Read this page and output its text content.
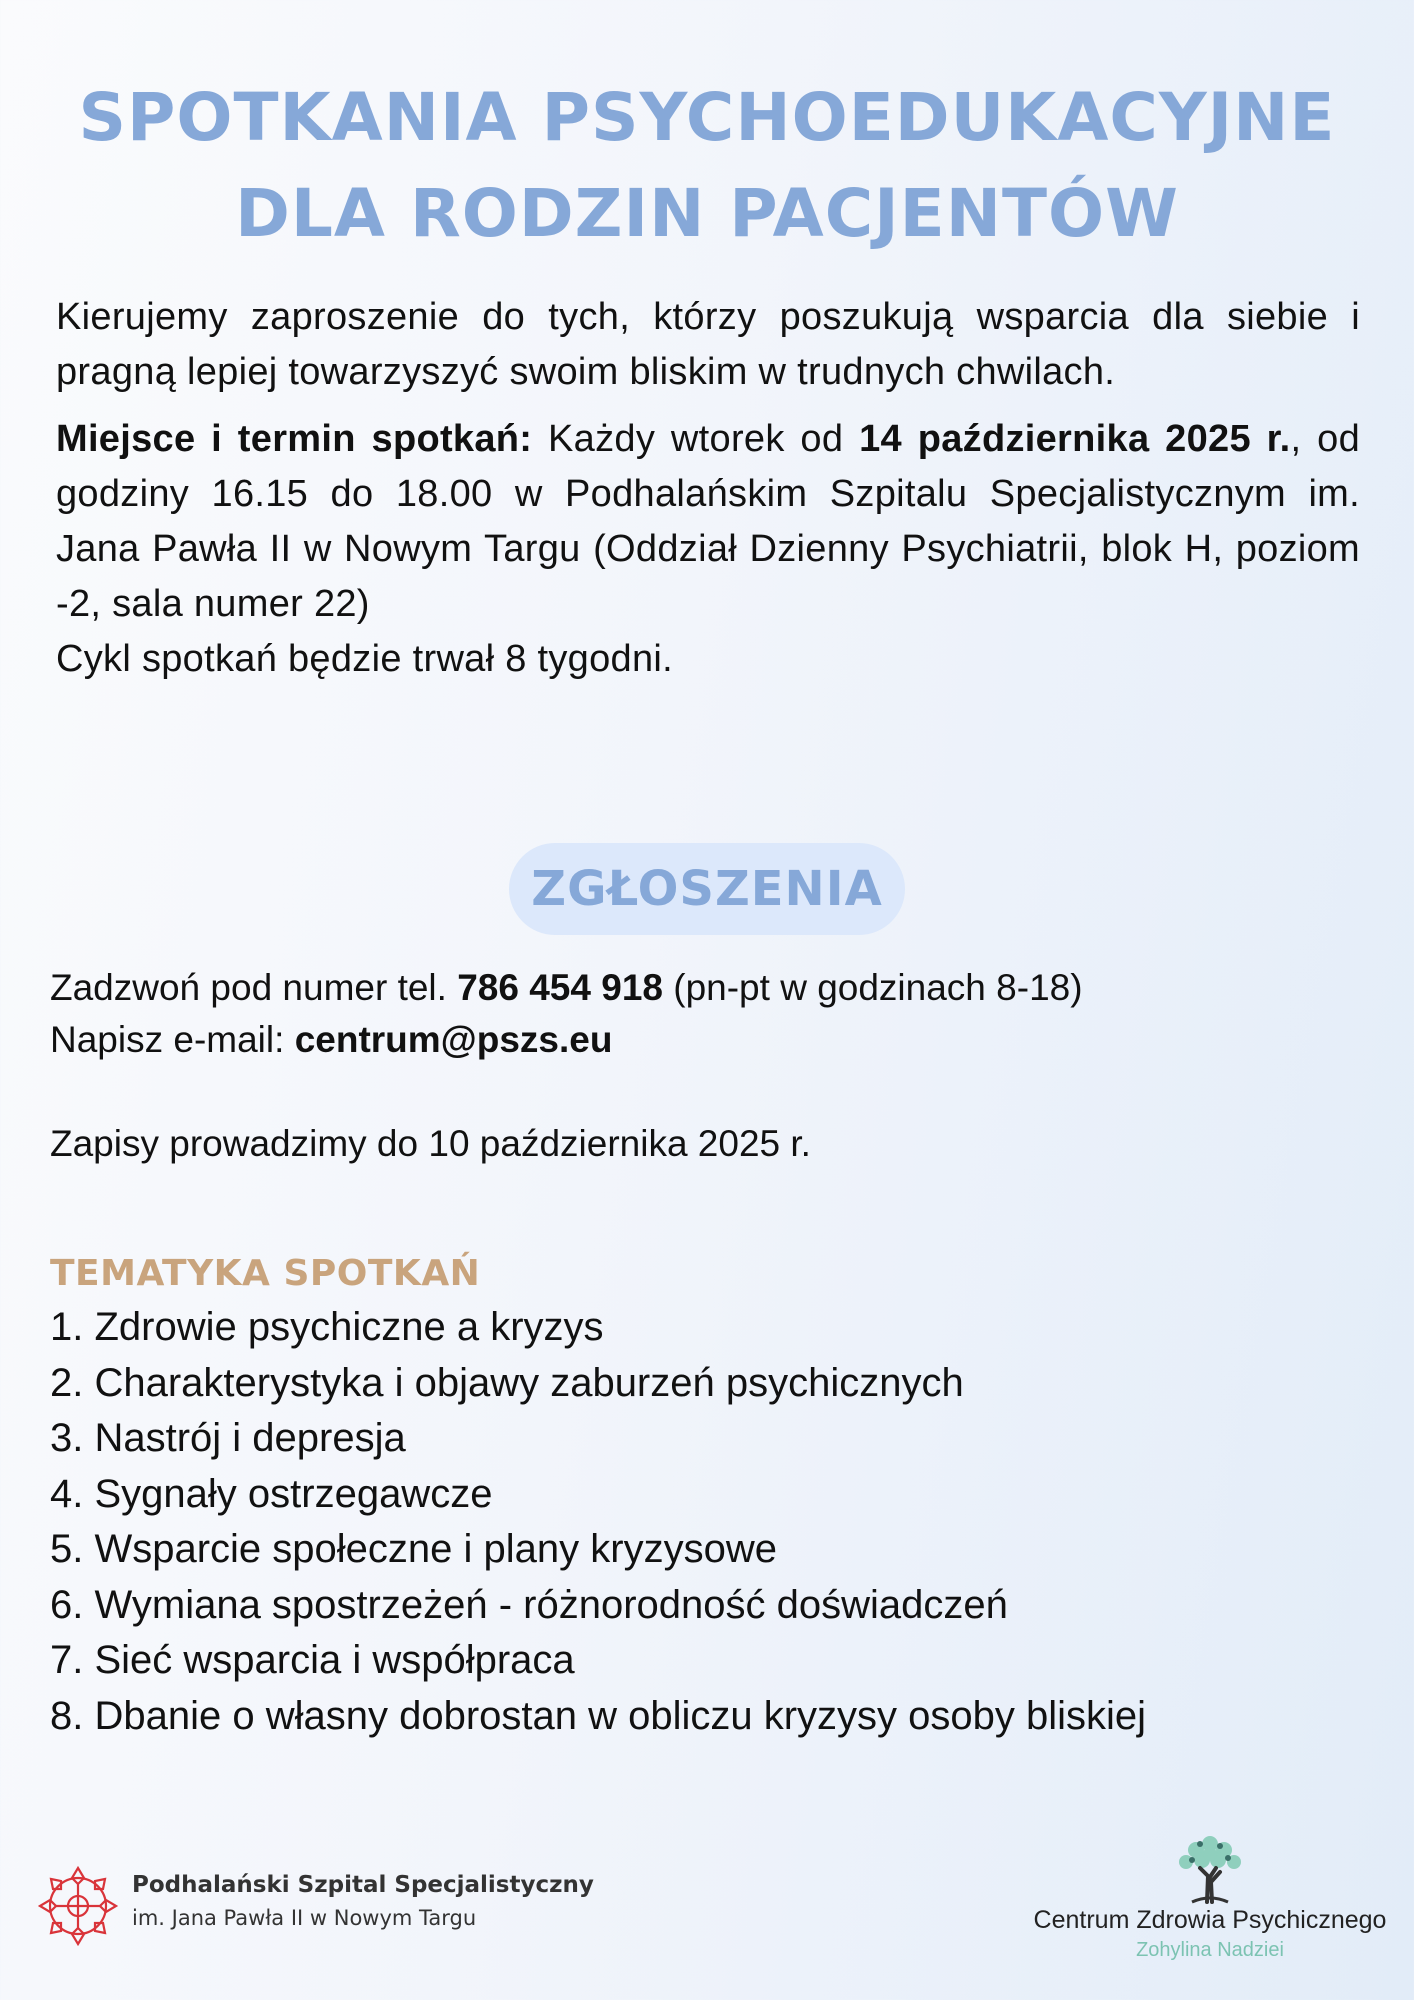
SPOTKANIA PSYCHOEDUKACYJNE
DLA RODZIN PACJENTÓW

Kierujemy zaproszenie do tych, którzy poszukują wsparcia dla siebie i pragną lepiej towarzyszyć swoim bliskim w trudnych chwilach.

Miejsce i termin spotkań: Każdy wtorek od 14 października 2025 r., od godziny 16.15 do 18.00 w Podhalańskim Szpitalu Specjalistycznym im. Jana Pawła II w Nowym Targu (Oddział Dzienny Psychiatrii, blok H, poziom -2, sala numer 22)
Cykl spotkań będzie trwał 8 tygodni.

ZGŁOSZENIA
Zadzwoń pod numer tel. 786 454 918 (pn-pt w godzinach 8-18)
Napisz e-mail: centrum@pszs.eu
Zapisy prowadzimy do 10 października 2025 r.
TEMATYKA SPOTKAŃ
1. Zdrowie psychiczne a kryzys
2. Charakterystyka i objawy zaburzeń psychicznych
3. Nastrój i depresja
4. Sygnały ostrzegawcze
5. Wsparcie społeczne i plany kryzysowe
6. Wymiana spostrzeżeń - różnorodność doświadczeń
7. Sieć wsparcia i współpraca
8. Dbanie o własny dobrostan w obliczu kryzysy osoby bliskiej
Podhalański Szpital Specjalistyczny
im. Jana Pawła II w Nowym Targu	Centrum Zdrowia Psychicznego
Zohylina Nadziei
